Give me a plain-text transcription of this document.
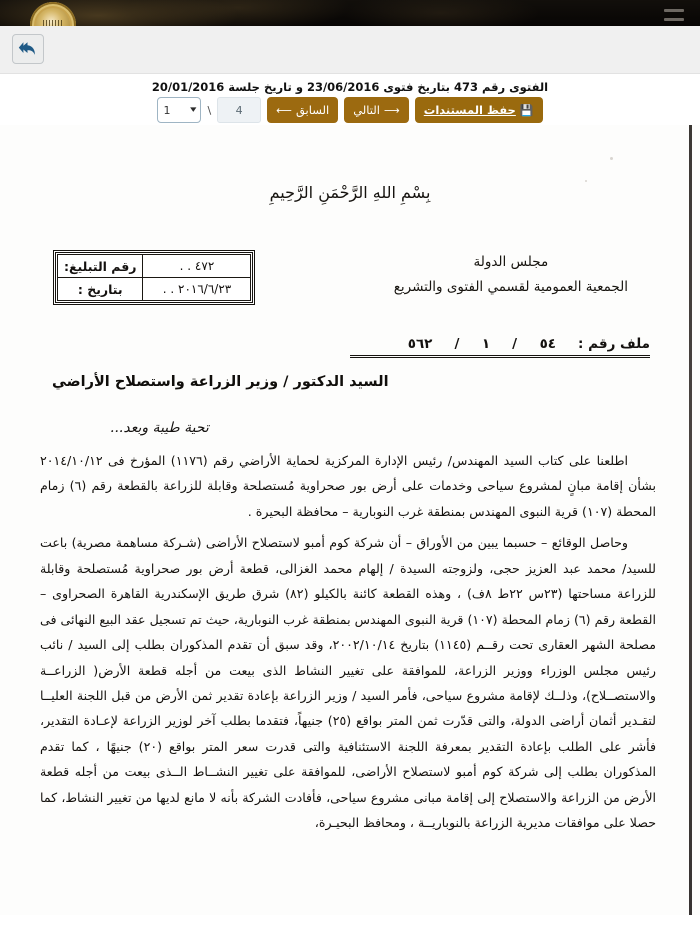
الفتوى رقم 473 بتاريخ فتوى 23/06/2016 و تاريخ جلسة 20/01/2016
💾
حفظ المستندات
⟶
التالي
السابق
⟵
4
\
▾
1
بِسْمِ اللهِ الرَّحْمَنِ الرَّحِيمِ
مجلس الدولة
الجمعية العمومية لقسمي الفتوى والتشريع
٤٧٢ . .	رقم التبليغ:
٢٠١٦/٦/٢٣ . .	بتاريخ :
ملف رقم :
٥٤
/
١
/
٥٦٢
السيد الدكتور / وزير الزراعة واستصلاح الأراضي
تحية طيبة وبعد...

اطلعنا على كتاب السيد المهندس/ رئيس الإدارة المركزية لحماية الأراضي رقم (١١٧٦) المؤرخ فى ٢٠١٤/١٠/١٢ بشأن إقامة مبانٍ لمشروع سياحى وخدمات على أرض بور صحراوية مُستصلحة وقابلة للزراعة بالقطعة رقم (٦) زمام المحطة (١٠٧) قرية النبوى المهندس بمنطقة غرب النوبارية – محافظة البحيرة .

وحاصل الوقائع – حسبما يبين من الأوراق – أن شركة كوم أمبو لاستصلاح الأراضى (شـركة مساهمة مصرية) باعت للسيد/ محمد عبد العزيز حجى، ولزوجته السيدة / إلهام محمد الغزالى، قطعة أرض بور صحراوية مُستصلحة وقابلة للزراعة مساحتها (٢٣س ٢٢ط ٨ف) ، وهذه القطعة كائنة بالكيلو (٨٢) شرق طريق الإسكندرية القاهرة الصحراوى – القطعة رقم (٦) زمام المحطة (١٠٧) قرية النبوى المهندس بمنطقة غرب النوبارية، حيث تم تسجيل عقد البيع النهائى فى مصلحة الشهر العقارى تحت رقــم (١١٤٥) بتاريخ ٢٠٠٢/١٠/١٤، وقد سبق أن تقدم المذكوران بطلب إلى السيد / نائب رئيس مجلس الوزراء ووزير الزراعة، للموافقة على تغيير النشاط الذى بيعت من أجله قطعة الأرض( الزراعــة والاستصــلاح)، وذلــك لإقامة مشروع سياحى، فأمر السيد / وزير الزراعة بإعادة تقدير ثمن الأرض من قبل اللجنة العليــا لتقـدير أثمان أراضى الدولة، والتى قدّرت ثمن المتر بواقع (٢٥) جنيهاً، فتقدما بطلب آخر لوزير الزراعة لإعـادة التقدير، فأشر على الطلب بإعادة التقدير بمعرفة اللجنة الاستئنافية والتى قدرت سعر المتر بواقع (٢٠) جنيهًا ، كما تقدم المذكوران بطلب إلى شركة كوم أمبو لاستصلاح الأراضى، للموافقة على تغيير النشــاط الــذى بيعت من أجله قطعة الأرض من الزراعة والاستصلاح إلى إقامة مبانى مشروع سياحى، فأفادت الشركة بأنه لا مانع لديها من تغيير النشاط، كما حصلا على موافقات مديرية الزراعة بالنوباريــة ، ومحافظ البحيـرة،
